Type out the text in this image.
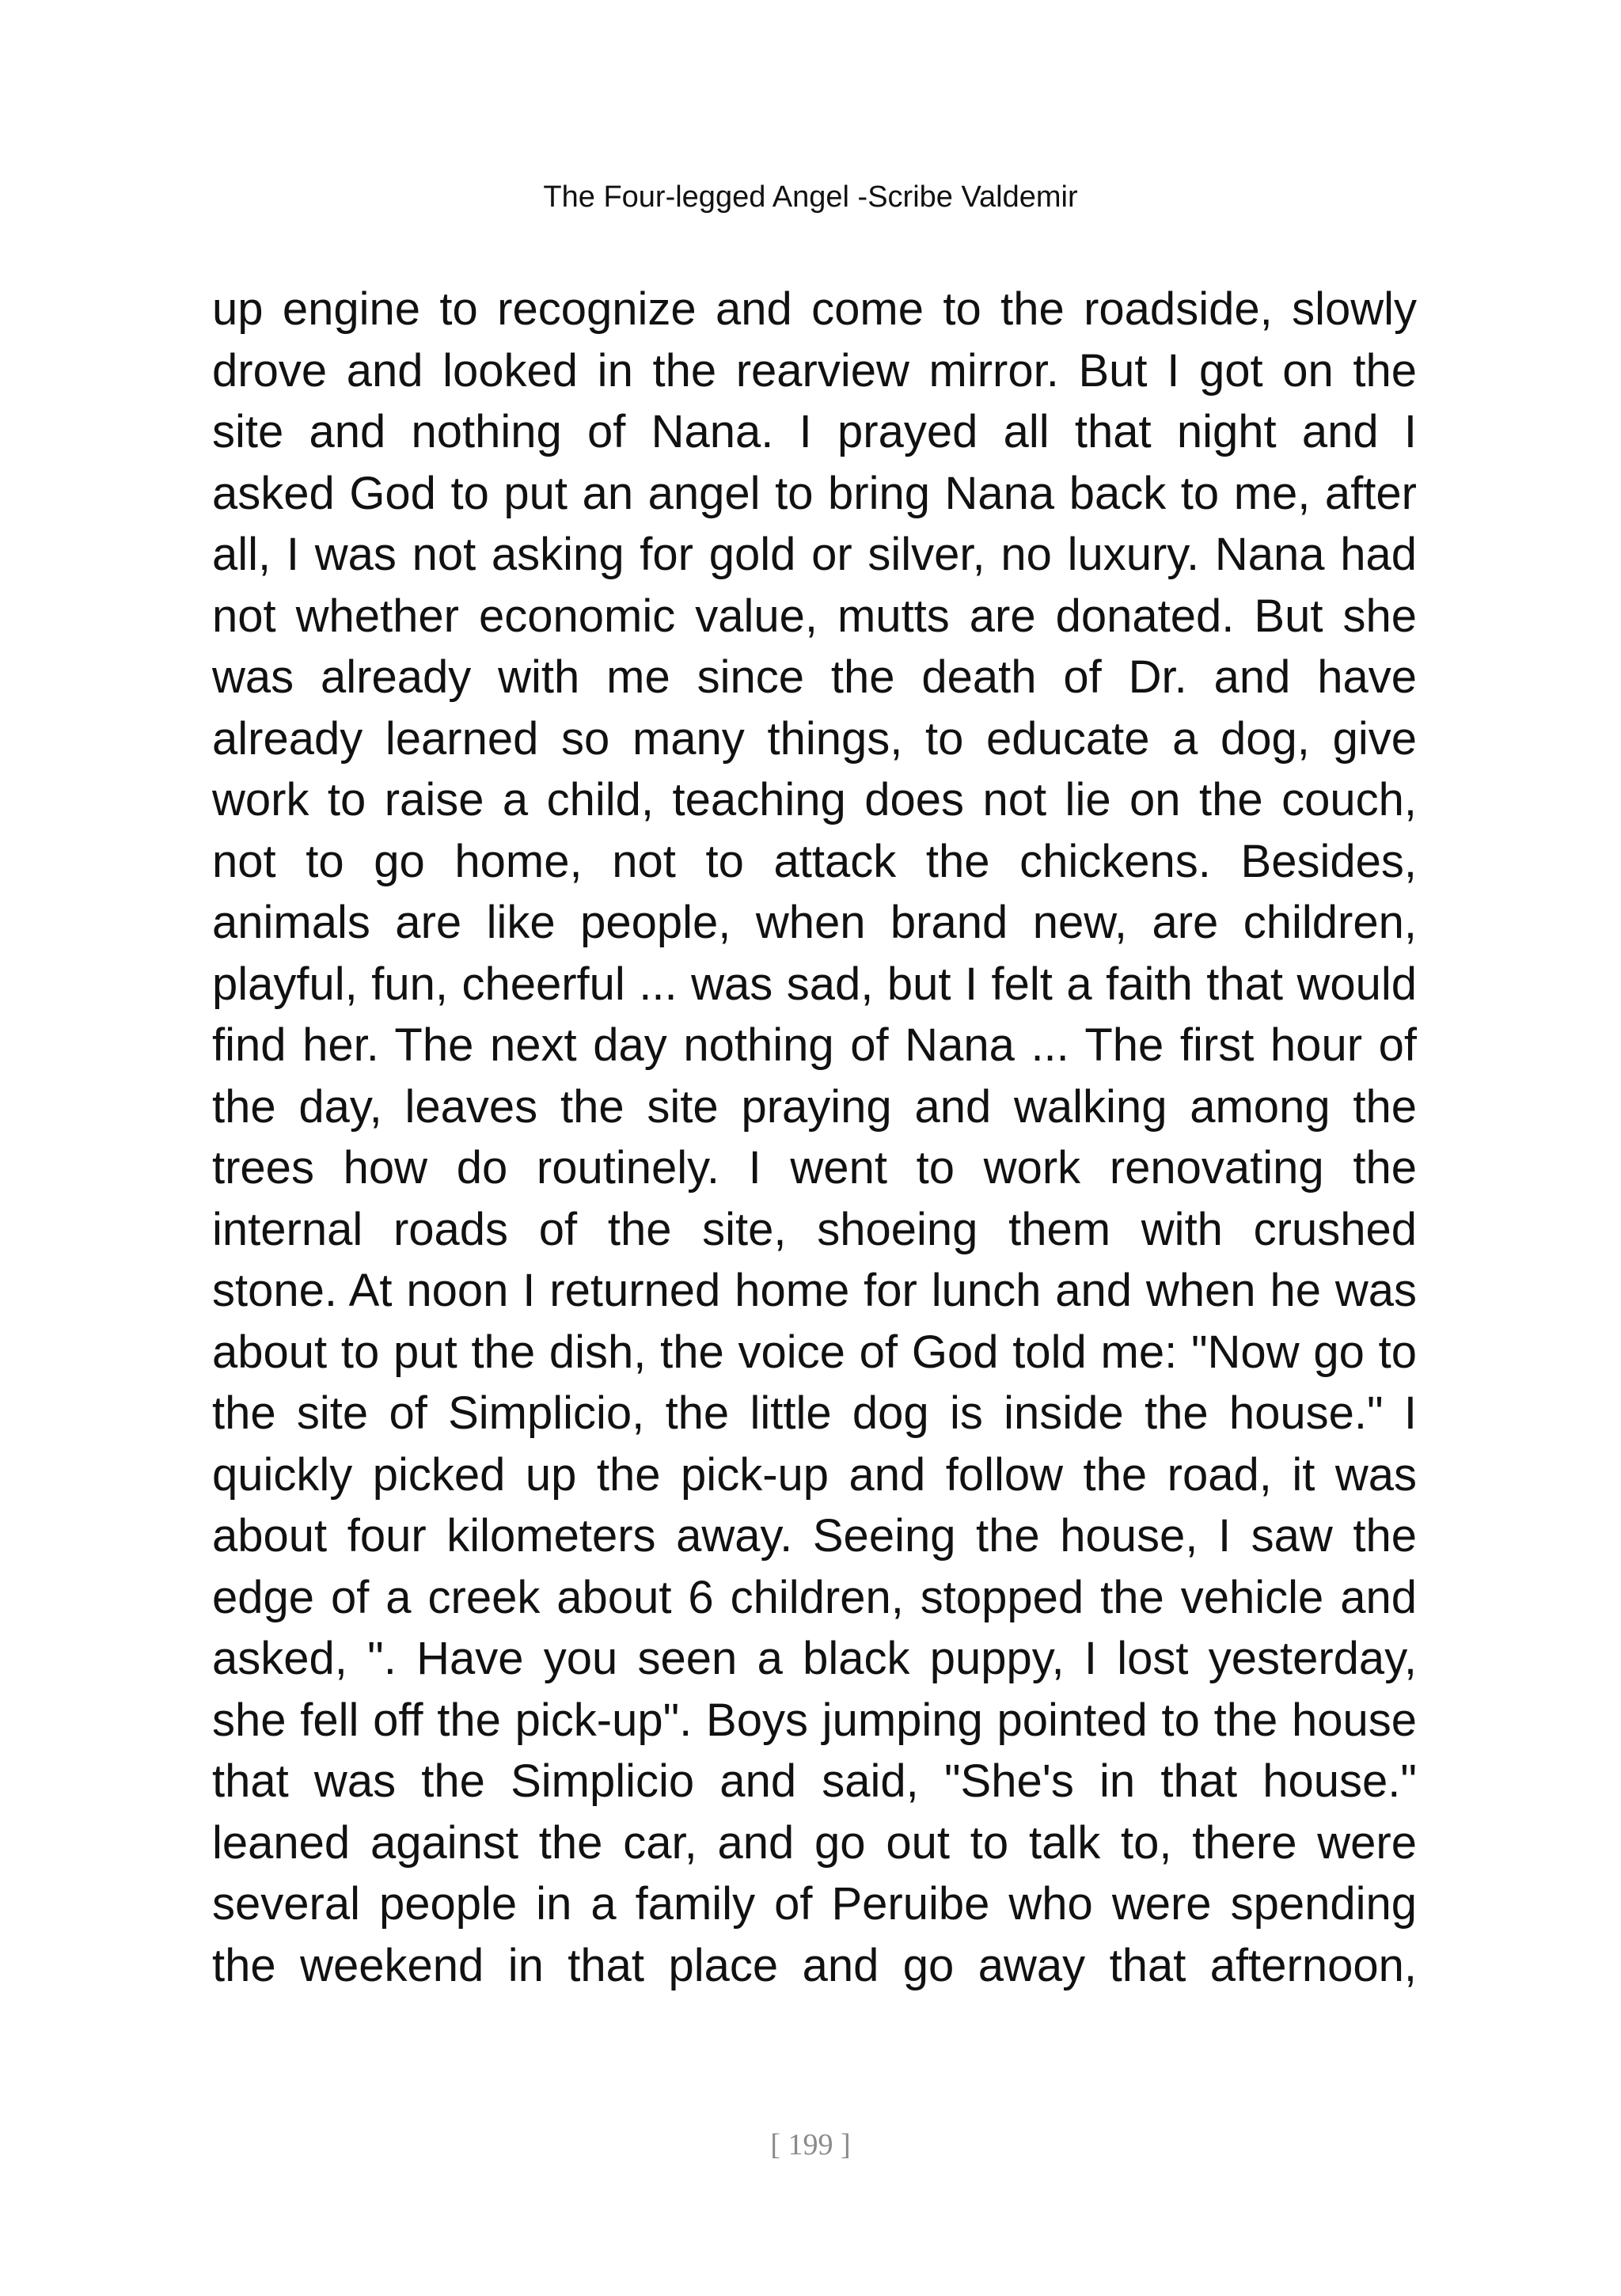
The Four-legged Angel -Scribe Valdemir
up engine to recognize and come to the roadside, slowly
drove and looked in the rearview mirror. But I got on the
site and nothing of Nana. I prayed all that night and I
asked God to put an angel to bring Nana back to me, after
all, I was not asking for gold or silver, no luxury. Nana had
not whether economic value, mutts are donated. But she
was already with me since the death of Dr. and have
already learned so many things, to educate a dog, give
work to raise a child, teaching does not lie on the couch,
not to go home, not to attack the chickens. Besides,
animals are like people, when brand new, are children,
playful, fun, cheerful ... was sad, but I felt a faith that would
find her. The next day nothing of Nana ... The first hour of
the day, leaves the site praying and walking among the
trees how do routinely. I went to work renovating the
internal roads of the site, shoeing them with crushed
stone. At noon I returned home for lunch and when he was
about to put the dish, the voice of God told me: "Now go to
the site of Simplicio, the little dog is inside the house." I
quickly picked up the pick-up and follow the road, it was
about four kilometers away. Seeing the house, I saw the
edge of a creek about 6 children, stopped the vehicle and
asked, ". Have you seen a black puppy, I lost yesterday,
she fell off the pick-up". Boys jumping pointed to the house
that was the Simplicio and said, "She's in that house."
leaned against the car, and go out to talk to, there were
several people in a family of Peruibe who were spending
the weekend in that place and go away that afternoon,
[ 199 ]
